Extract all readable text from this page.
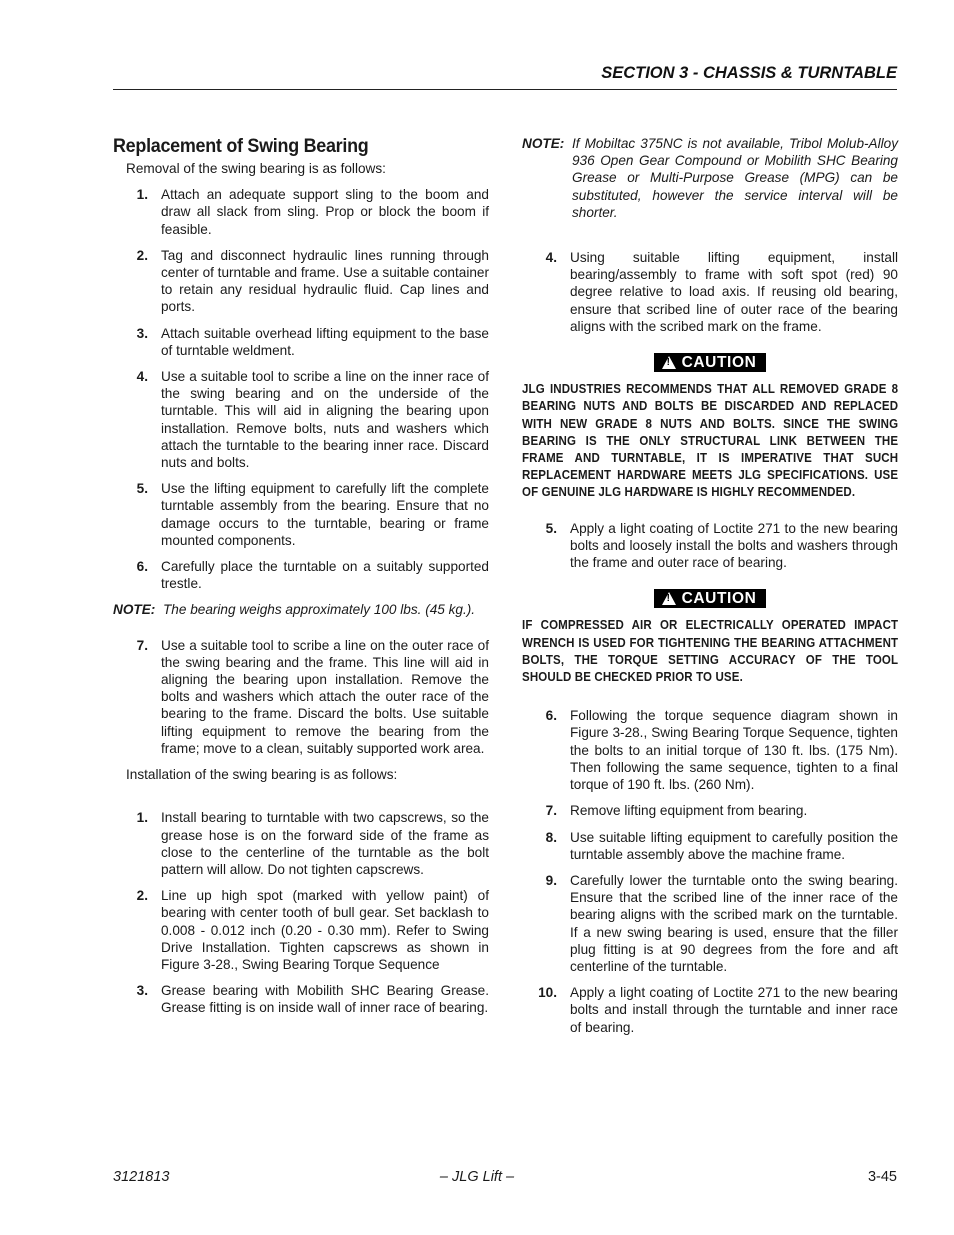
SECTION 3 - CHASSIS & TURNTABLE
Replacement of Swing Bearing
Removal of the swing bearing is as follows:
1. Attach an adequate support sling to the boom and draw all slack from sling. Prop or block the boom if feasible.
2. Tag and disconnect hydraulic lines running through center of turntable and frame. Use a suitable container to retain any residual hydraulic fluid. Cap lines and ports.
3. Attach suitable overhead lifting equipment to the base of turntable weldment.
4. Use a suitable tool to scribe a line on the inner race of the swing bearing and on the underside of the turntable. This will aid in aligning the bearing upon installation. Remove bolts, nuts and washers which attach the turntable to the bearing inner race. Discard nuts and bolts.
5. Use the lifting equipment to carefully lift the complete turntable assembly from the bearing. Ensure that no damage occurs to the turntable, bearing or frame mounted components.
6. Carefully place the turntable on a suitably supported trestle.
NOTE: The bearing weighs approximately 100 lbs. (45 kg.).
7. Use a suitable tool to scribe a line on the outer race of the swing bearing and the frame. This line will aid in aligning the bearing upon installation. Remove the bolts and washers which attach the outer race of the bearing to the frame. Discard the bolts. Use suitable lifting equipment to remove the bearing from the frame; move to a clean, suitably supported work area.
Installation of the swing bearing is as follows:
1. Install bearing to turntable with two capscrews, so the grease hose is on the forward side of the frame as close to the centerline of the turntable as the bolt pattern will allow. Do not tighten capscrews.
2. Line up high spot (marked with yellow paint) of bearing with center tooth of bull gear. Set backlash to 0.008 - 0.012 inch (0.20 - 0.30 mm). Refer to Swing Drive Installation. Tighten capscrews as shown in Figure 3-28., Swing Bearing Torque Sequence
3. Grease bearing with Mobilith SHC Bearing Grease. Grease fitting is on inside wall of inner race of bearing.
NOTE: If Mobiltac 375NC is not available, Tribol Molub-Alloy 936 Open Gear Compound or Mobilith SHC Bearing Grease or Multi-Purpose Grease (MPG) can be substituted, however the service interval will be shorter.
4. Using suitable lifting equipment, install bearing/assembly to frame with soft spot (red) 90 degree relative to load axis. If reusing old bearing, ensure that scribed line of outer race of the bearing aligns with the scribed mark on the frame.
!
CAUTION
JLG INDUSTRIES RECOMMENDS THAT ALL REMOVED GRADE 8 BEARING NUTS AND BOLTS BE DISCARDED AND REPLACED WITH NEW GRADE 8 NUTS AND BOLTS. SINCE THE SWING BEARING IS THE ONLY STRUCTURAL LINK BETWEEN THE FRAME AND TURNTABLE, IT IS IMPERATIVE THAT SUCH REPLACEMENT HARDWARE MEETS JLG SPECIFICATIONS. USE OF GENUINE JLG HARDWARE IS HIGHLY RECOMMENDED.
5. Apply a light coating of Loctite 271 to the new bearing bolts and loosely install the bolts and washers through the frame and outer race of bearing.
!
CAUTION
IF COMPRESSED AIR OR ELECTRICALLY OPERATED IMPACT WRENCH IS USED FOR TIGHTENING THE BEARING ATTACHMENT BOLTS, THE TORQUE SETTING ACCURACY OF THE TOOL SHOULD BE CHECKED PRIOR TO USE.
6. Following the torque sequence diagram shown in Figure 3-28., Swing Bearing Torque Sequence, tighten the bolts to an initial torque of 130 ft. lbs. (175 Nm). Then following the same sequence, tighten to a final torque of 190 ft. lbs. (260 Nm).
7. Remove lifting equipment from bearing.
8. Use suitable lifting equipment to carefully position the turntable assembly above the machine frame.
9. Carefully lower the turntable onto the swing bearing. Ensure that the scribed line of the inner race of the bearing aligns with the scribed mark on the turntable. If a new swing bearing is used, ensure that the filler plug fitting is at 90 degrees from the fore and aft centerline of the turntable.
10. Apply a light coating of Loctite 271 to the new bearing bolts and install through the turntable and inner race of bearing.
3121813	– JLG Lift –	3-45
